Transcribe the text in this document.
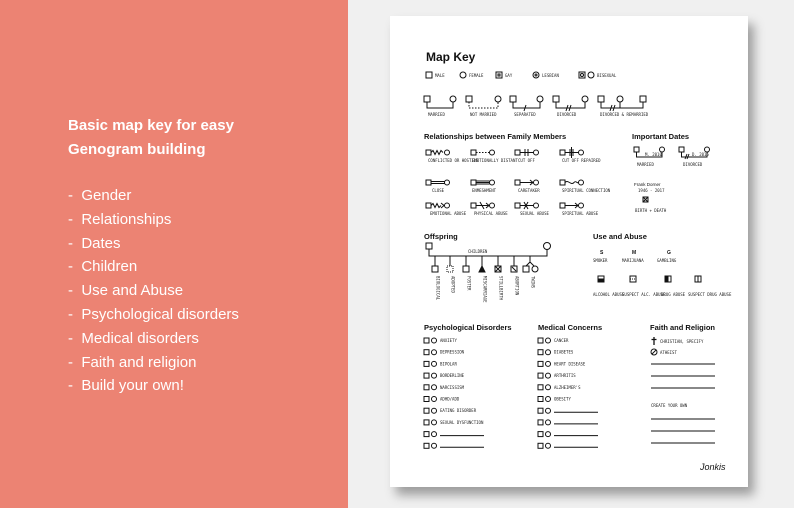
Basic map key for easy Genogram building
- Gender
- Relationships
- Dates
- Children
- Use and Abuse
- Psychological disorders
- Medical disorders
- Faith and religion
- Build your own!
Map Key
MALE	FEMALE	GAY	LESBIAN	BISEXUAL
MARRIED	NOT MARRIED	SEPARATED	DIVORCED	DIVORCED & REMARRIED
Relationships between Family Members
CONFLICTED OR HOSTILE
EMOTIONALLY DISTANT CUT OFF	CUT OFF REPAIRED
CLOSE	ENMESHMENT	CARETAKER	SPIRITUAL CONNECTION
EMOTIONAL ABUSE PHYSICAL ABUSE	SEXUAL ABUSE	SPIRITUAL ABUSE
Important Dates
M. 2010
MARRIED
D. 2015
DIVORCED
Frank Dorner
1946 - 2017
BIRTH + DEATH
Offspring
CHILDREN
BIOLOGICAL	ADOPTED	FOSTER	MISCARRIAGE	STILLBIRTH	ABORTION	TWINS
Use and Abuse
S	M	G
SMOKER	MARIJUANA	GAMBLING
ALCOHOL ABUSE
SUSPECT ALC. ABUSE
DRUG ABUSE SUSPECT DRUG ABUSE
Psychological Disorders
ANXIETY
DEPRESSION
BIPOLAR
BORDERLINE
NARCISSISM
ADHD/ADD
EATING DISORDER
SEXUAL DYSFUNCTION
Medical Concerns
CANCER
DIABETES
HEART DISEASE
ARTHRITIS
ALZHEIMER'S
OBESITY
Faith and Religion
CHRISTIAN, SPECIFY
ATHEIST
CREATE YOUR OWN
Jonkis
